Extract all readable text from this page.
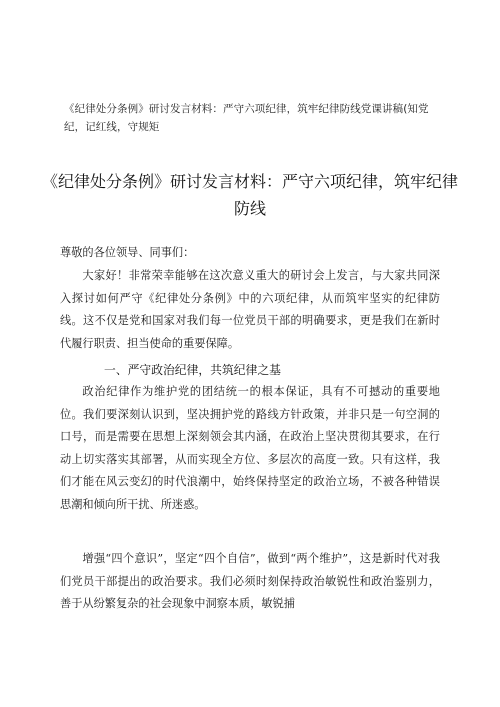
《纪律处分条例》研讨发言材料：严守六项纪律，筑牢纪律防线党课讲稿(知党纪，记红线，守规矩
《纪律处分条例》研讨发言材料：严守六项纪律，筑牢纪律防线
尊敬的各位领导、同事们：
大家好！非常荣幸能够在这次意义重大的研讨会上发言，与大家共同深入探讨如何严守《纪律处分条例》中的六项纪律，从而筑牢坚实的纪律防线。这不仅是党和国家对我们每一位党员干部的明确要求，更是我们在新时代履行职责、担当使命的重要保障。
一、严守政治纪律，共筑纪律之基
政治纪律作为维护党的团结统一的根本保证，具有不可撼动的重要地位。我们要深刻认识到，坚决拥护党的路线方针政策，并非只是一句空洞的口号，而是需要在思想上深刻领会其内涵，在政治上坚决贯彻其要求，在行动上切实落实其部署，从而实现全方位、多层次的高度一致。只有这样，我们才能在风云变幻的时代浪潮中，始终保持坚定的政治立场，不被各种错误思潮和倾向所干扰、所迷惑。
增强“四个意识”，坚定“四个自信”，做到“两个维护”，这是新时代对我们党员干部提出的政治要求。我们必须时刻保持政治敏锐性和政治鉴别力，善于从纷繁复杂的社会现象中洞察本质，敏锐捕
